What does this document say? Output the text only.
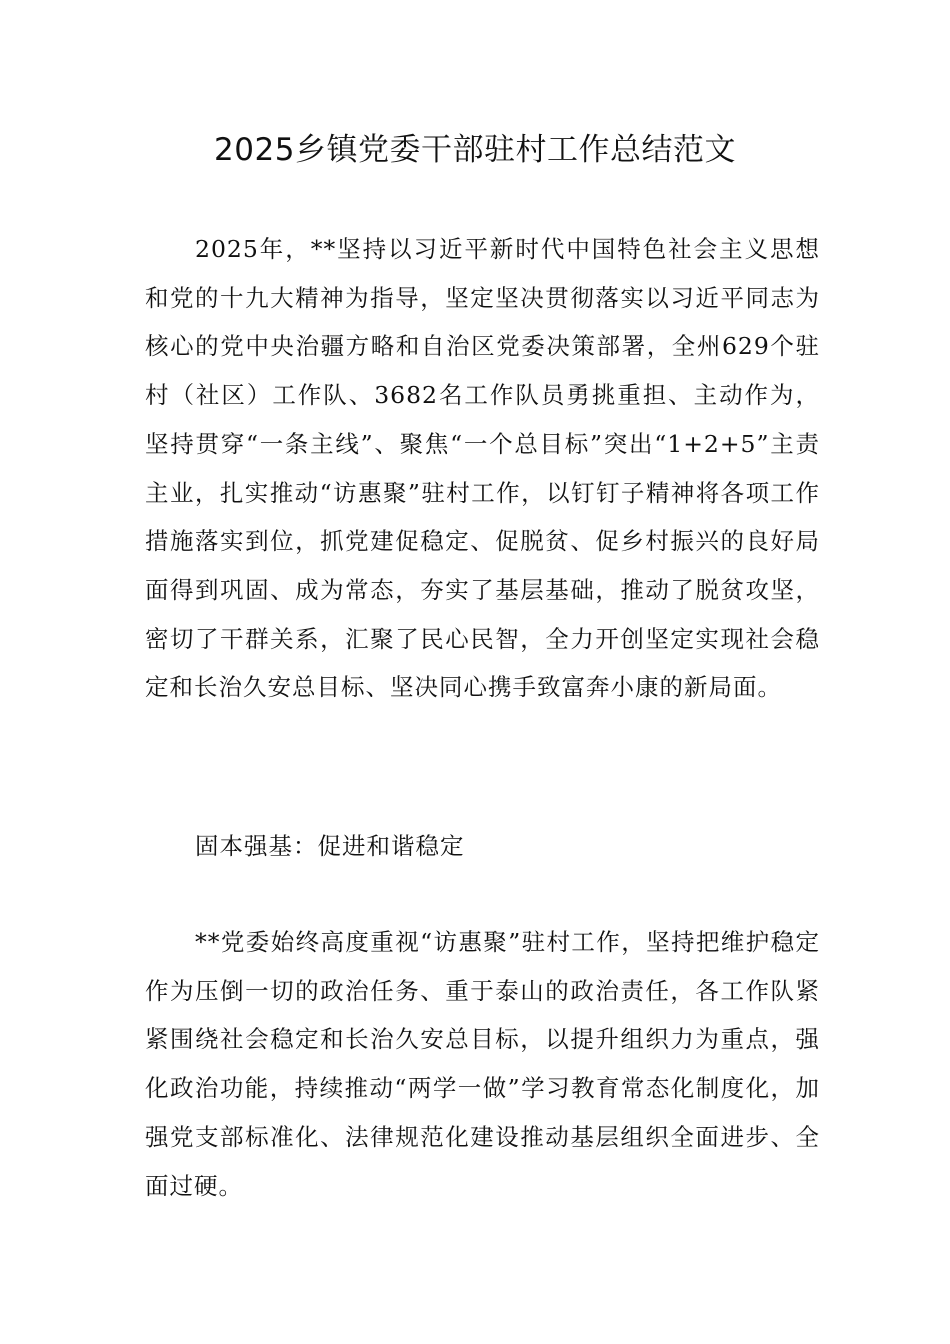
2025乡镇党委干部驻村工作总结范文

2025年，**坚持以习近平新时代中国特色社会主义思想和党的十九大精神为指导，坚定坚决贯彻落实以习近平同志为核心的党中央治疆方略和自治区党委决策部署，全州629个驻村（社区）工作队、3682名工作队员勇挑重担、主动作为，坚持贯穿“一条主线”、聚焦“一个总目标”突出“1+2+5”主责主业，扎实推动“访惠聚”驻村工作，以钉钉子精神将各项工作措施落实到位，抓党建促稳定、促脱贫、促乡村振兴的良好局面得到巩固、成为常态，夯实了基层基础，推动了脱贫攻坚，密切了干群关系，汇聚了民心民智，全力开创坚定实现社会稳定和长治久安总目标、坚决同心携手致富奔小康的新局面。

固本强基：促进和谐稳定

**党委始终高度重视“访惠聚”驻村工作，坚持把维护稳定作为压倒一切的政治任务、重于泰山的政治责任，各工作队紧紧围绕社会稳定和长治久安总目标，以提升组织力为重点，强化政治功能，持续推动“两学一做”学习教育常态化制度化，加强党支部标准化、法律规范化建设推动基层组织全面进步、全面过硬。
